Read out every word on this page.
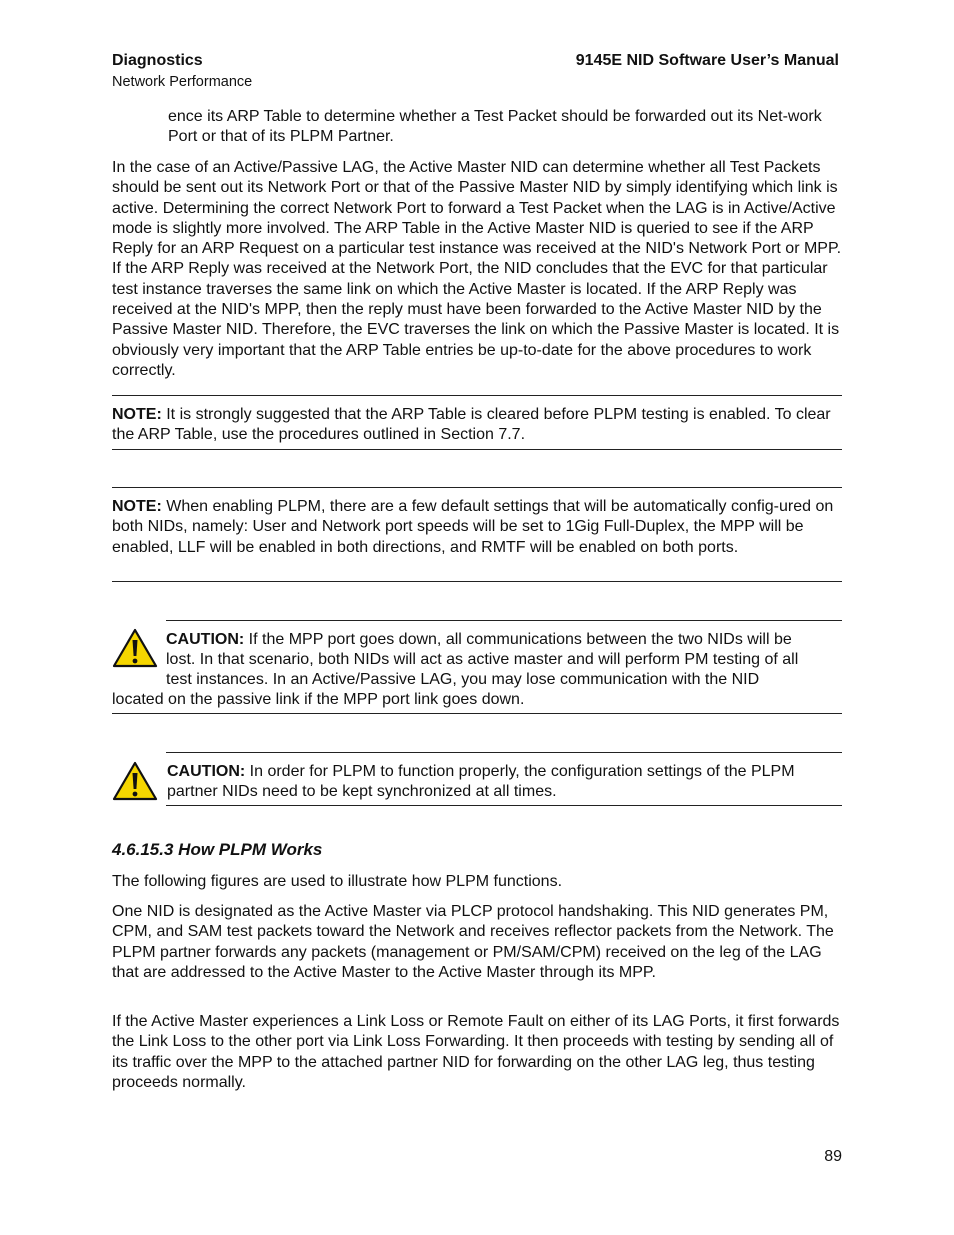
Diagnostics
Network Performance
9145E NID Software User’s Manual

ence its ARP Table to determine whether a Test Packet should be forwarded out its Net-work Port or that of its PLPM Partner.

In the case of an Active/Passive LAG, the Active Master NID can determine whether all Test Packets should be sent out its Network Port or that of the Passive Master NID by simply identifying which link is active. Determining the correct Network Port to forward a Test Packet when the LAG is in Active/Active mode is slightly more involved. The ARP Table in the Active Master NID is queried to see if the ARP Reply for an ARP Request on a particular test instance was received at the NID's Network Port or MPP. If the ARP Reply was received at the Network Port, the NID concludes that the EVC for that particular test instance traverses the same link on which the Active Master is located. If the ARP Reply was received at the NID's MPP, then the reply must have been forwarded to the Active Master NID by the Passive Master NID. Therefore, the EVC traverses the link on which the Passive Master is located. It is obviously very important that the ARP Table entries be up-to-date for the above procedures to work correctly.

NOTE: It is strongly suggested that the ARP Table is cleared before PLPM testing is enabled. To clear the ARP Table, use the procedures outlined in Section 7.7.

NOTE: When enabling PLPM, there are a few default settings that will be automatically config-ured on both NIDs, namely: User and Network port speeds will be set to 1Gig Full-Duplex, the MPP will be enabled, LLF will be enabled in both directions, and RMTF will be enabled on both ports.

CAUTION: If the MPP port goes down, all communications between the two NIDs will be

lost. In that scenario, both NIDs will act as active master and will perform PM testing of all

test instances. In an Active/Passive LAG, you may lose communication with the NID

located on the passive link if the MPP port link goes down.

CAUTION: In order for PLPM to function properly, the configuration settings of the PLPM

partner NIDs need to be kept synchronized at all times.

4.6.15.3 How PLPM Works

The following figures are used to illustrate how PLPM functions.

One NID is designated as the Active Master via PLCP protocol handshaking. This NID generates PM, CPM, and SAM test packets toward the Network and receives reflector packets from the Network. The PLPM partner forwards any packets (management or PM/SAM/CPM) received on the leg of the LAG that are addressed to the Active Master to the Active Master through its MPP.

If the Active Master experiences a Link Loss or Remote Fault on either of its LAG Ports, it first forwards the Link Loss to the other port via Link Loss Forwarding. It then proceeds with testing by sending all of its traffic over the MPP to the attached partner NID for forwarding on the other LAG leg, thus testing proceeds normally.

89
